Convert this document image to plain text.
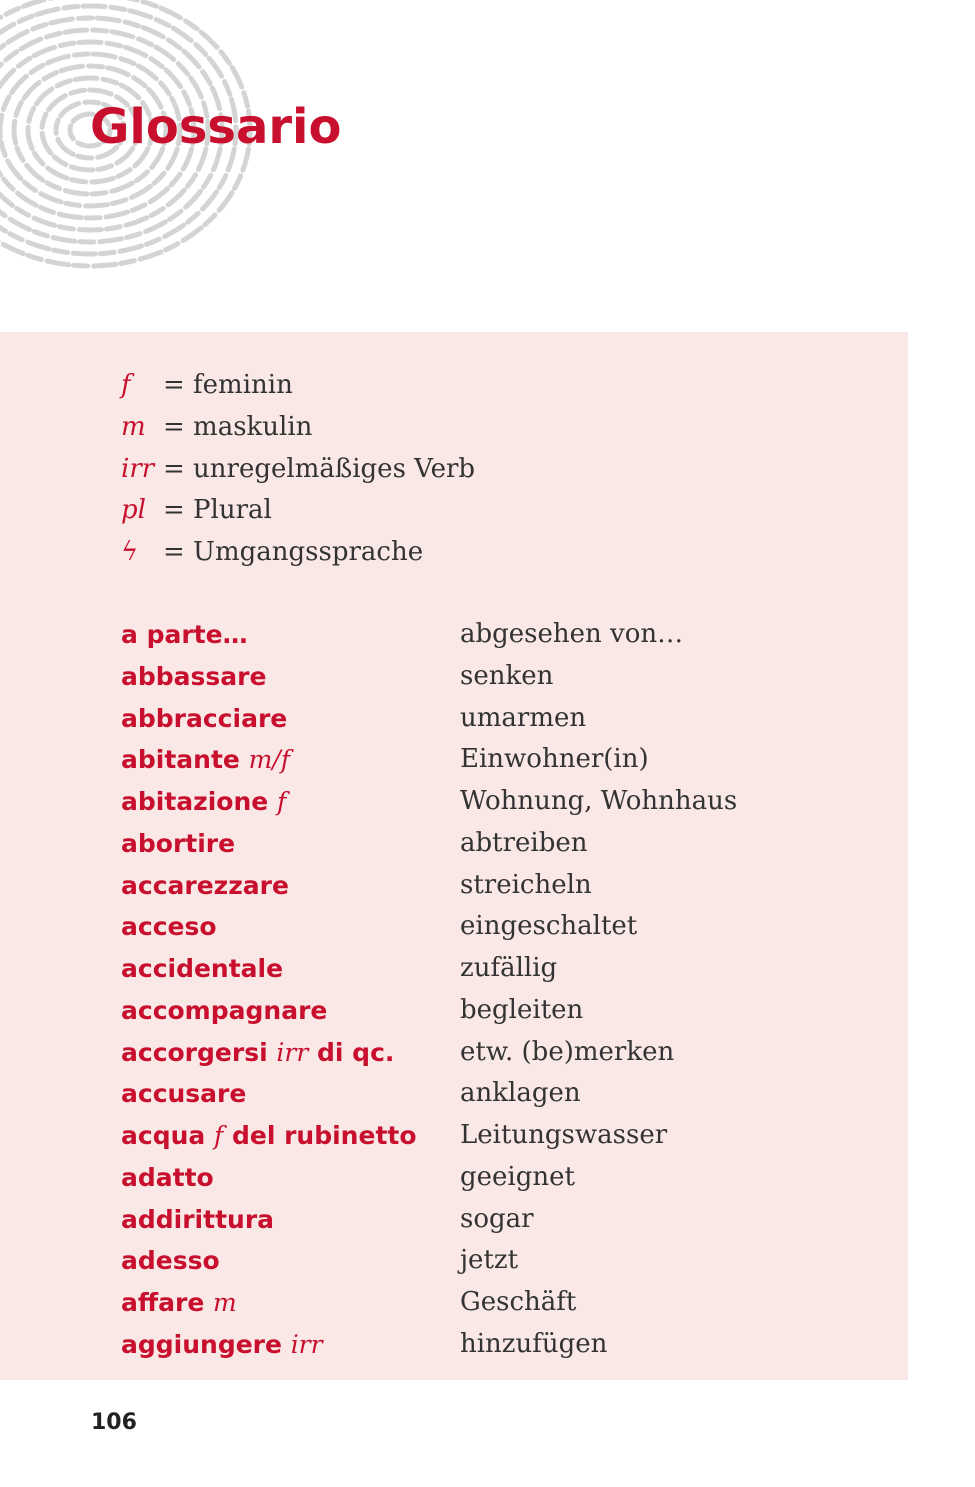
Glossario
f	= feminin
m = maskulin
irr = unregelmäßiges Verb
pl = Plural
ϟ = Umgangssprache
a parte…	abgesehen von…
abbassare	senken
abbracciare	umarmen
abitante m/f	Einwohner(in)
abitazione f	Wohnung, Wohnhaus
abortire	abtreiben
accarezzare	streicheln
acceso	eingeschaltet
accidentale	zufällig
accompagnare	begleiten
accorgersi irr di qc.	etw. (be)merken
accusare	anklagen
acqua f del rubinetto	Leitungswasser
adatto	geeignet
addirittura	sogar
adesso	jetzt
affare m	Geschäft
aggiungere irr	hinzufügen
106
